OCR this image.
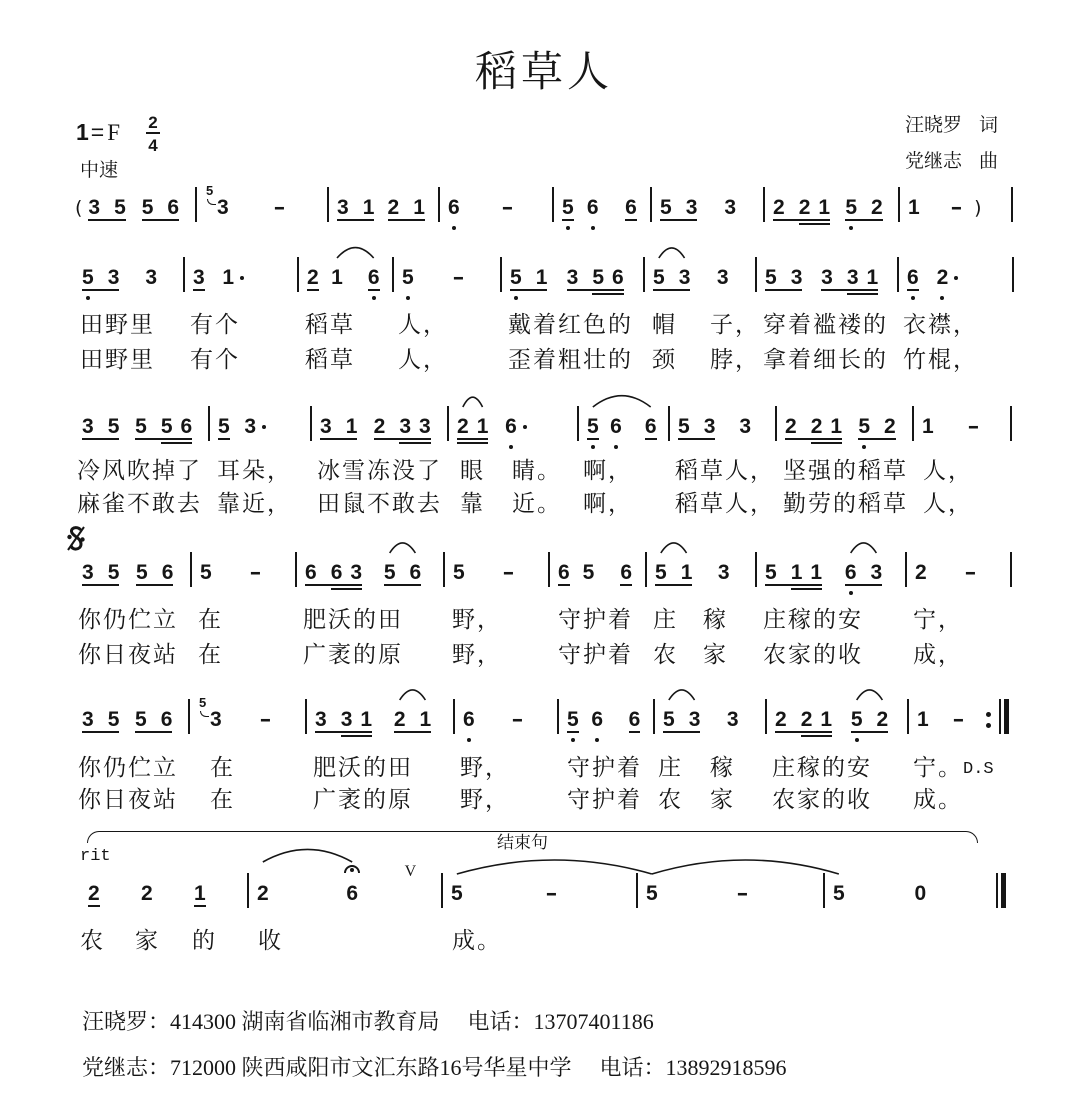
稻草人
1= F $\frac{2}{4}$
中速
汪晓罗 词
党继志 曲
( 3 5 5 6 3
5
- 3 1 2 1 6 - 5 6 6 5 3 3 2 2 1 5 2 1 - )
5 3 3 3 1	2 1 6 5 - 5 1 3 5 6 5 3 3 5 3 3 3 1 6 2
田野里 有个	稻草 人，	戴着红色的 帽 子， 穿着褴褛的 衣襟，
田野里 有个	稻草 人，	歪着粗壮的 颈 脖， 拿着细长的 竹棍，
3 5 5 5 6 5 3	3 1 2 3 3 2 1 6	5 6 6 5 3 3 2 2 1 5 2 1 -
冷风吹掉了 耳朵， 冰雪冻没了 眼 睛。 啊， 稻草人， 坚强的稻草 人，
麻雀不敢去 靠近， 田鼠不敢去 靠 近。 啊， 稻草人， 勤劳的稻草 人，
3 5 5 6 5 - 6 6 3 5 6 5 - 6 5 6 5 1 3 5 1 1 6 3 2 -
你仍伫立 在	肥沃的田 野， 守护着 庄 稼 庄稼的安 宁，
你日夜站 在	广袤的原 野， 守护着 农 家 农家的收 成，
3 5 5 6 3
5
- 3 3 1 2 1 6 - 5 6 6 5 3 3 2 2 1 5 2 1 -
你仍伫立 在	肥沃的田 野， 守护着 庄 稼 庄稼的安 宁。 D.S
你日夜站 在	广袤的原 野， 守护着 农 家 农家的收 成。
rit
结束句
2 2 1 2	6
V
5	-	5	-	5	0
农 家 的 收	成。
汪晓罗：414300 湖南省临湘市教育局 电话：13707401186
党继志：712000 陕西咸阳市文汇东路16号华星中学 电话：13892918596
